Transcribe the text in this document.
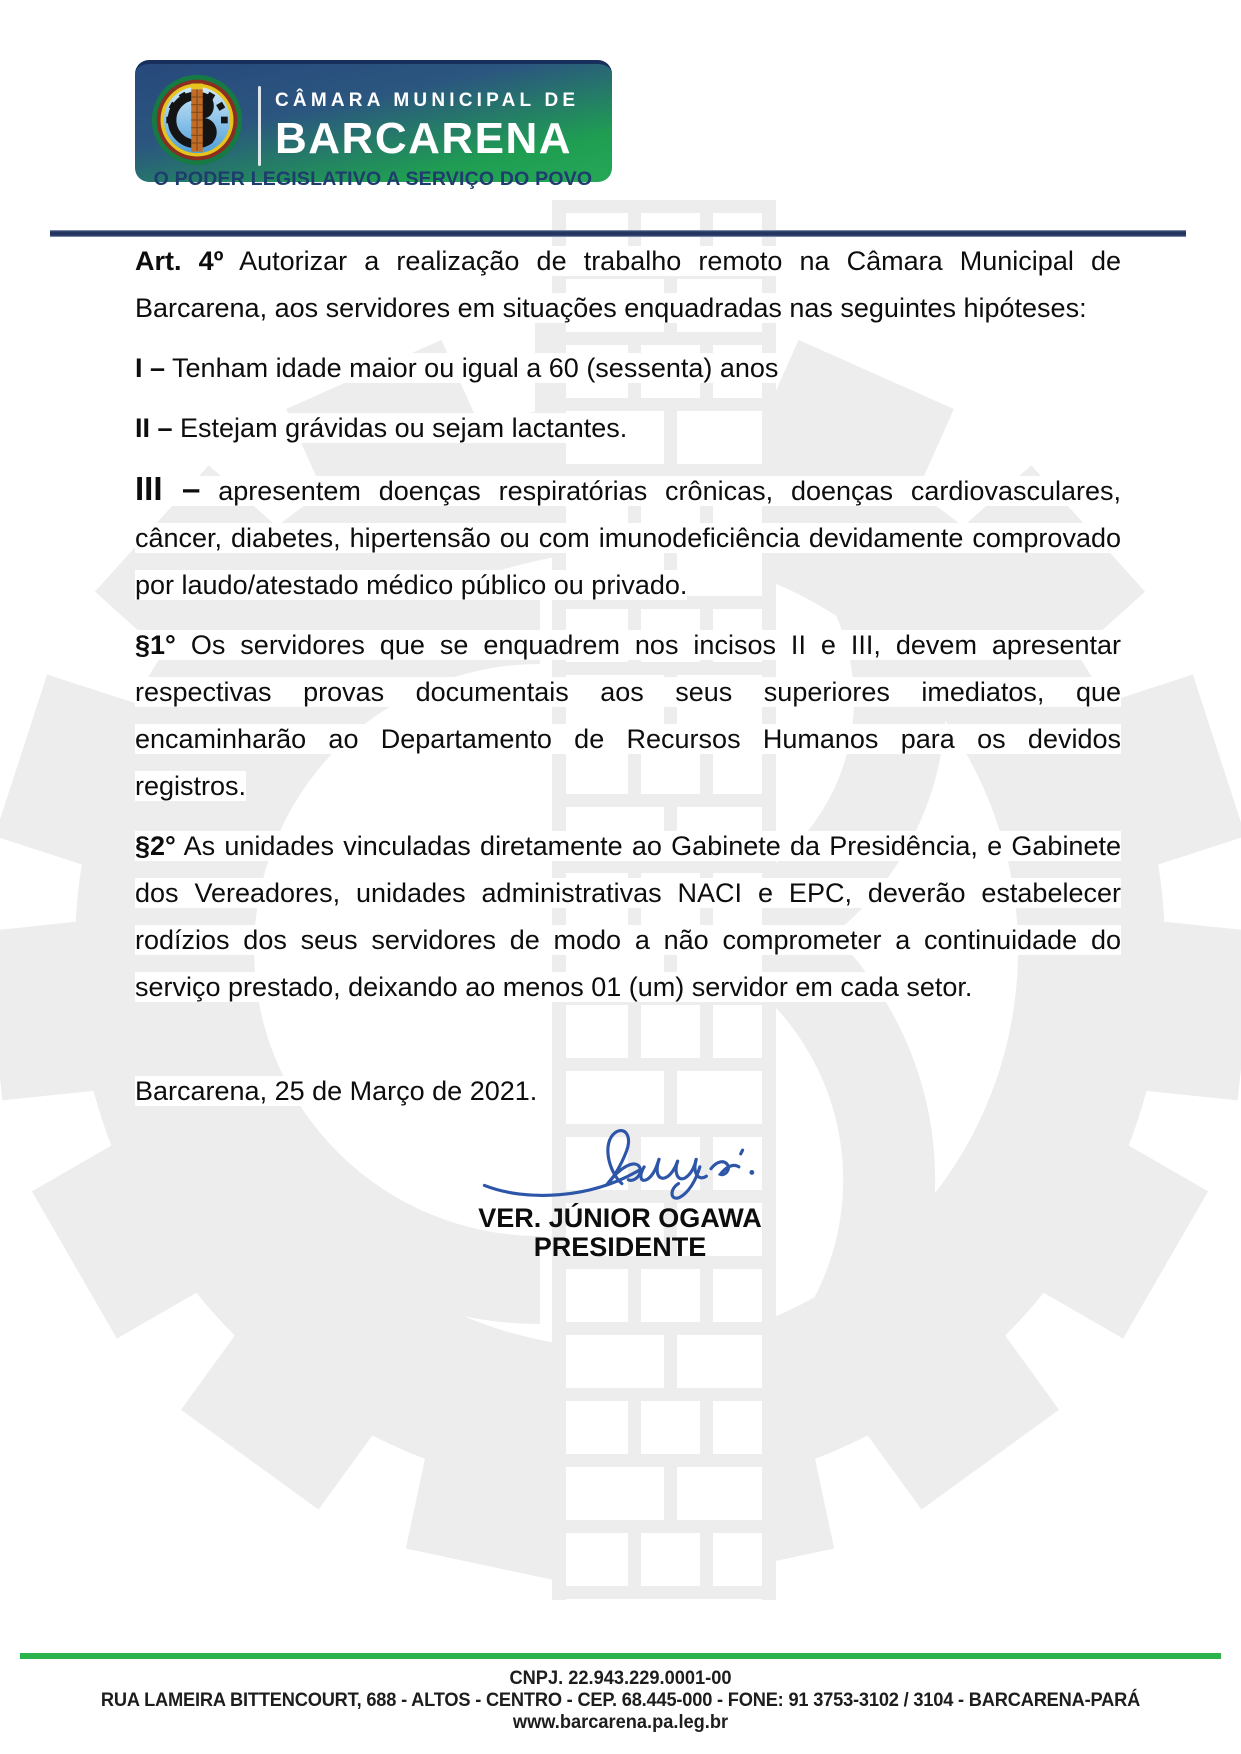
CÂMARA MUNICIPAL DE
BARCARENA
O PODER LEGISLATIVO A SERVIÇO DO POVO

Art. 4º Autorizar a realização de trabalho remoto na Câmara Municipal de Barcarena, aos servidores em situações enquadradas nas seguintes hipóteses:

I – Tenham idade maior ou igual a 60 (sessenta) anos

II – Estejam grávidas ou sejam lactantes.

III – apresentem doenças respiratórias crônicas, doenças cardiovasculares, câncer, diabetes, hipertensão ou com imunodeficiência devidamente comprovado por laudo/atestado médico público ou privado.

§1° Os servidores que se enquadrem nos incisos II e III, devem apresentar respectivas provas documentais aos seus superiores imediatos, que encaminharão ao Departamento de Recursos Humanos para os devidos registros.

§2° As unidades vinculadas diretamente ao Gabinete da Presidência, e Gabinete dos Vereadores, unidades administrativas NACI e EPC, deverão estabelecer rodízios dos seus servidores de modo a não comprometer a continuidade do serviço prestado, deixando ao menos 01 (um) servidor em cada setor.

Barcarena, 25 de Março de 2021.

VER. JÚNIOR OGAWA
PRESIDENTE
CNPJ. 22.943.229.0001-00
RUA LAMEIRA BITTENCOURT, 688 - ALTOS - CENTRO - CEP. 68.445-000 - FONE: 91 3753-3102 / 3104 - BARCARENA-PARÁ
www.barcarena.pa.leg.br
